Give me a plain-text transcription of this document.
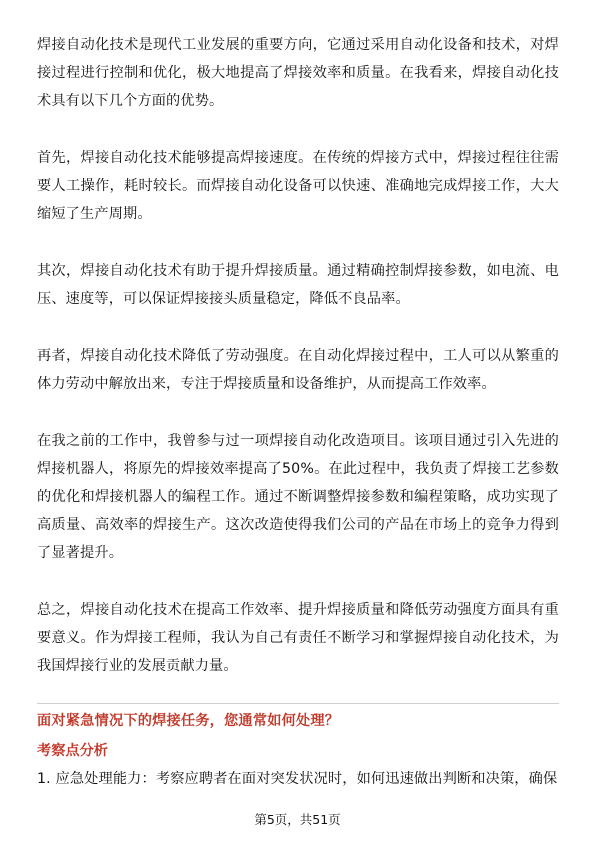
焊接自动化技术是现代工业发展的重要方向，它通过采用自动化设备和技术，对焊接过程进行控制和优化，极大地提高了焊接效率和质量。在我看来，焊接自动化技术具有以下几个方面的优势。

首先，焊接自动化技术能够提高焊接速度。在传统的焊接方式中，焊接过程往往需要人工操作，耗时较长。而焊接自动化设备可以快速、准确地完成焊接工作，大大缩短了生产周期。

其次，焊接自动化技术有助于提升焊接质量。通过精确控制焊接参数，如电流、电压、速度等，可以保证焊接接头质量稳定，降低不良品率。

再者，焊接自动化技术降低了劳动强度。在自动化焊接过程中，工人可以从繁重的体力劳动中解放出来，专注于焊接质量和设备维护，从而提高工作效率。

在我之前的工作中，我曾参与过一项焊接自动化改造项目。该项目通过引入先进的焊接机器人，将原先的焊接效率提高了50%。在此过程中，我负责了焊接工艺参数的优化和焊接机器人的编程工作。通过不断调整焊接参数和编程策略，成功实现了高质量、高效率的焊接生产。这次改造使得我们公司的产品在市场上的竞争力得到了显著提升。

总之，焊接自动化技术在提高工作效率、提升焊接质量和降低劳动强度方面具有重要意义。作为焊接工程师，我认为自己有责任不断学习和掌握焊接自动化技术，为我国焊接行业的发展贡献力量。

面对紧急情况下的焊接任务，您通常如何处理？

考察点分析

1. 应急处理能力：考察应聘者在面对突发状况时，如何迅速做出判断和决策，确保

第5页，共51页
